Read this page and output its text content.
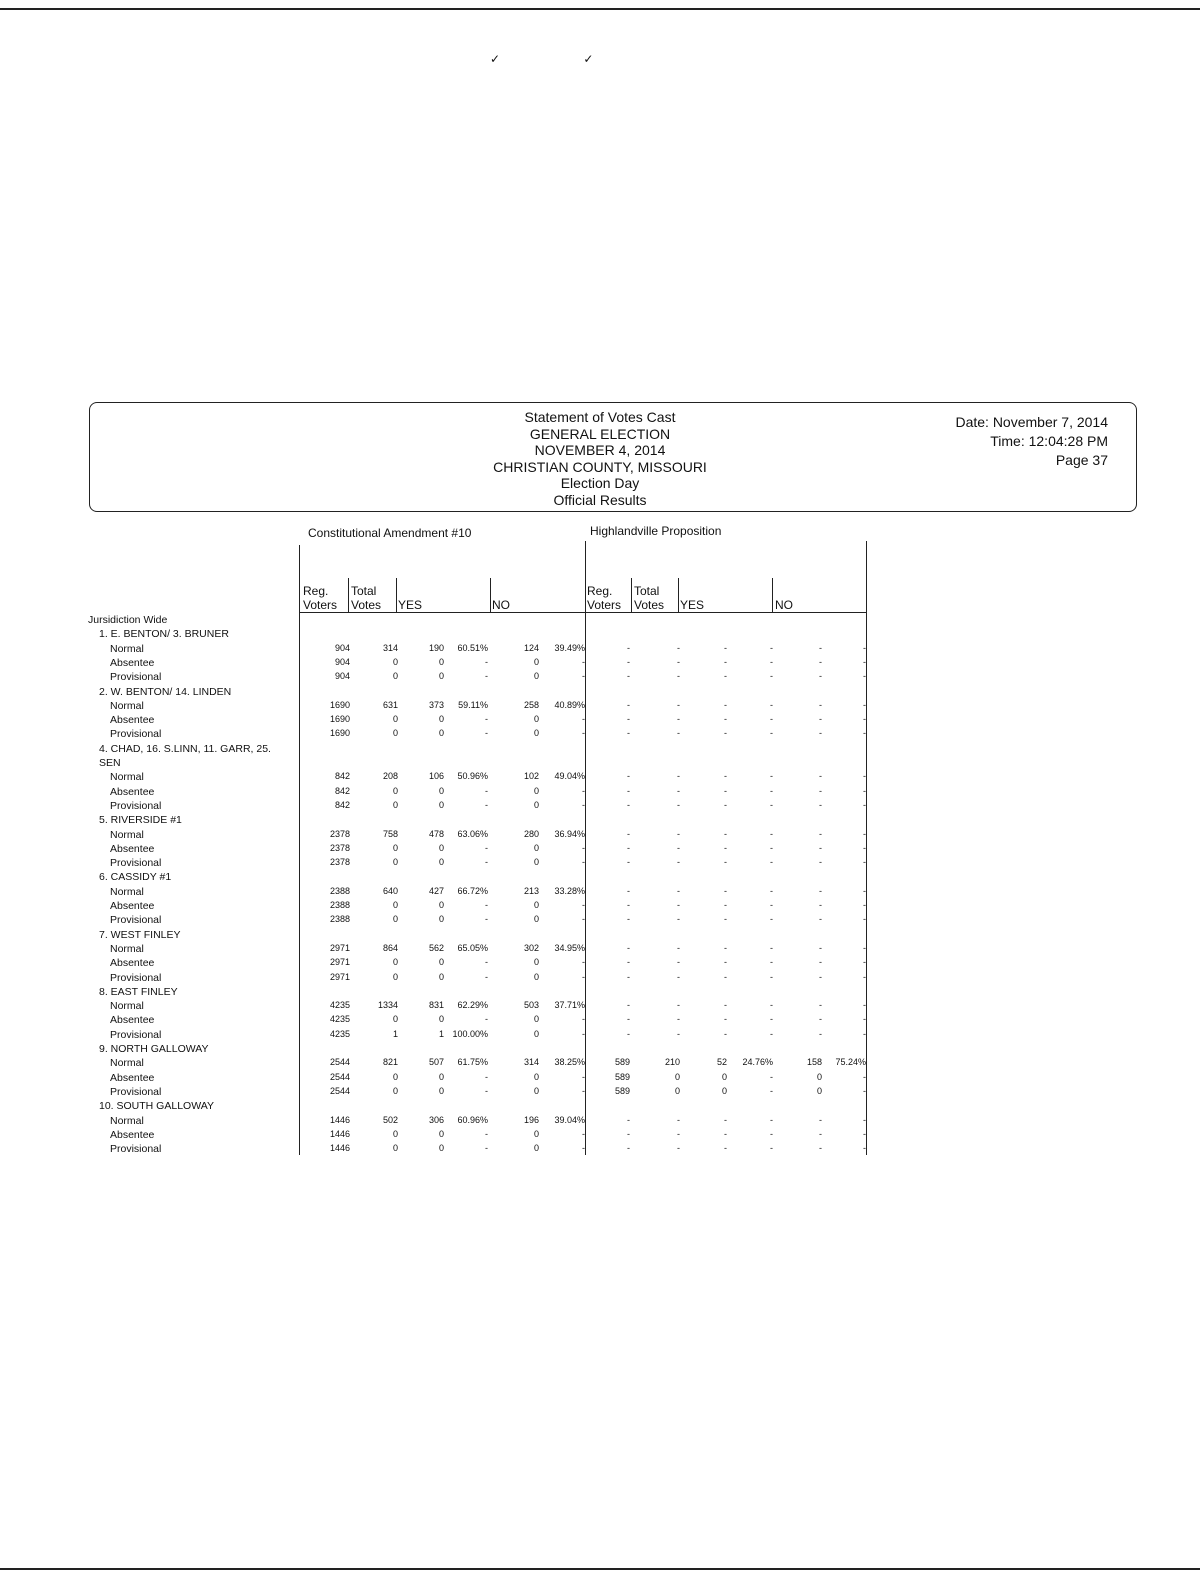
✓ ✓
Statement of Votes Cast
GENERAL ELECTION
NOVEMBER 4, 2014
CHRISTIAN COUNTY, MISSOURI
Election Day
Official Results
Date: November 7, 2014
Time: 12:04:28 PM
Page 37
Constitutional Amendment #10	Highlandville Proposition
Reg.
Voters
Total
Votes YES	NO
Reg.
Voters
Total
Votes YES	NO
Jursidiction Wide
1. E. BENTON/ 3. BRUNER
Normal	904	314	190	60.51%	124	39.49%	-	-	-	-	-	-
Absentee	904	0	0	-	0	-	-	-	-	-	-	-
Provisional	904	0	0	-	0	-	-	-	-	-	-	-
2. W. BENTON/ 14. LINDEN
Normal	1690	631	373	59.11%	258	40.89%	-	-	-	-	-	-
Absentee	1690	0	0	-	0	-	-	-	-	-	-	-
Provisional	1690	0	0	-	0	-	-	-	-	-	-	-
4. CHAD, 16. S.LINN, 11. GARR, 25.
SEN
Normal	842	208	106	50.96%	102	49.04%	-	-	-	-	-	-
Absentee	842	0	0	-	0	-	-	-	-	-	-	-
Provisional	842	0	0	-	0	-	-	-	-	-	-	-
5. RIVERSIDE #1
Normal	2378	758	478	63.06%	280	36.94%	-	-	-	-	-	-
Absentee	2378	0	0	-	0	-	-	-	-	-	-	-
Provisional	2378	0	0	-	0	-	-	-	-	-	-	-
6. CASSIDY #1
Normal	2388	640	427	66.72%	213	33.28%	-	-	-	-	-	-
Absentee	2388	0	0	-	0	-	-	-	-	-	-	-
Provisional	2388	0	0	-	0	-	-	-	-	-	-	-
7. WEST FINLEY
Normal	2971	864	562	65.05%	302	34.95%	-	-	-	-	-	-
Absentee	2971	0	0	-	0	-	-	-	-	-	-	-
Provisional	2971	0	0	-	0	-	-	-	-	-	-	-
8. EAST FINLEY
Normal	4235	1334	831	62.29%	503	37.71%	-	-	-	-	-	-
Absentee	4235	0	0	-	0	-	-	-	-	-	-	-
Provisional	4235	1	1 100.00%	0	-	-	-	-	-	-	-
9. NORTH GALLOWAY
Normal	2544	821	507	61.75%	314	38.25%	589	210	52	24.76%	158	75.24%
Absentee	2544	0	0	-	0	-	589	0	0	-	0	-
Provisional	2544	0	0	-	0	-	589	0	0	-	0	-
10. SOUTH GALLOWAY
Normal	1446	502	306	60.96%	196	39.04%	-	-	-	-	-	-
Absentee	1446	0	0	-	0	-	-	-	-	-	-	-
Provisional	1446	0	0	-	0	-	-	-	-	-	-	-
